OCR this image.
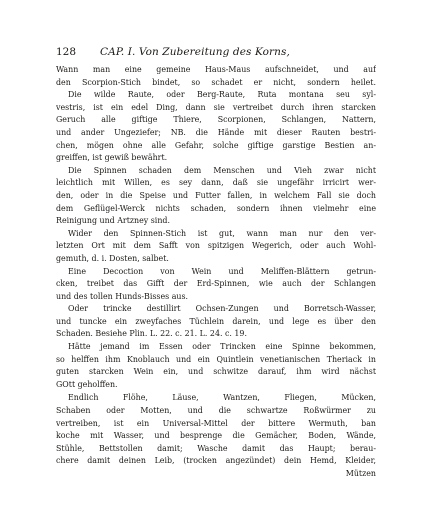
128 CAP. I. Von Zubereitung des Korns,
Wann man eine gemeine Haus-Maus aufschneidet, und auf
den Scorpion-Stich bindet, so schadet er nicht, sondern heilet.
Die wilde Raute, oder Berg-Raute, Ruta montana seu syl-
vestris, ist ein edel Ding, dann sie vertreibet durch ihren starcken
Geruch alle giftige Thiere, Scorpionen, Schlangen, Nattern,
und ander Ungeziefer; NB. die Hände mit dieser Rauten bestri-
chen, mögen ohne alle Gefahr, solche giftige garstige Bestien an-
greiffen, ist gewiß bewährt.
Die Spinnen schaden dem Menschen und Vieh zwar nicht
leichtlich mit Willen, es sey dann, daß sie ungefähr irricirt wer-
den, oder in die Speise und Futter fallen, in welchem Fall sie doch
dem Geflügel-Werck nichts schaden, sondern ihnen vielmehr eine
Reinigung und Artzney sind.
Wider den Spinnen-Stich ist gut, wann man nur den ver-
letzten Ort mit dem Safft von spitzigen Wegerich, oder auch Wohl-
gemuth, d. i. Dosten, salbet.
Eine Decoction von Wein und Meliffen-Blättern getrun-
cken, treibet das Gifft der Erd-Spinnen, wie auch der Schlangen
und des tollen Hunds-Bisses aus.
Oder trincke destillirt Ochsen-Zungen und Borretsch-Wasser,
und tuncke ein zweyfaches Tüchlein darein, und lege es über den
Schaden. Besiehe Plin. L. 22. c. 21. L. 24. c. 19.
Hätte jemand im Essen oder Trincken eine Spinne bekommen,
so helffen ihm Knoblauch und ein Quintlein venetianischen Theriack in
guten starcken Wein ein, und schwitze darauf, ihm wird nächst
GOtt geholffen.
Endlich Flöhe, Läuse, Wantzen, Fliegen, Mücken,
Schaben oder Motten, und die schwartze Roßwürmer zu
vertreiben, ist ein Universal-Mittel der bittere Wermuth, ban
koche mit Wasser, und besprenge die Gemächer, Boden, Wände,
Stühle, Bettstollen damit; Wasche damit das Haupt; berau-
chere damit deinen Leib, (trocken angezündet) dein Hemd, Kleider,
Mützen
